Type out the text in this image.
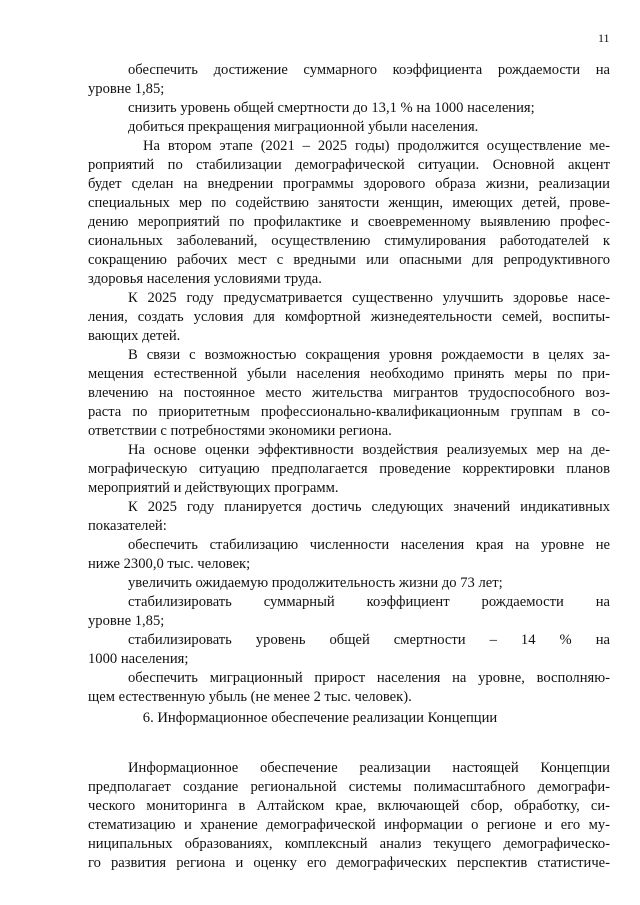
11
обеспечить достижение суммарного коэффициента рождаемости на
уровне 1,85;
снизить уровень общей смертности до 13,1 % на 1000 населения;
добиться прекращения миграционной убыли населения.
На втором этапе (2021 – 2025 годы) продолжится осуществление ме-
роприятий по стабилизации демографической ситуации. Основной акцент
будет сделан на внедрении программы здорового образа жизни, реализации
специальных мер по содействию занятости женщин, имеющих детей, прове-
дению мероприятий по профилактике и своевременному выявлению профес-
сиональных заболеваний, осуществлению стимулирования работодателей к
сокращению рабочих мест с вредными или опасными для репродуктивного
здоровья населения условиями труда.
К 2025 году предусматривается существенно улучшить здоровье насе-
ления, создать условия для комфортной жизнедеятельности семей, воспиты-
вающих детей.
В связи с возможностью сокращения уровня рождаемости в целях за-
мещения естественной убыли населения необходимо принять меры по при-
влечению на постоянное место жительства мигрантов трудоспособного воз-
раста по приоритетным профессионально-квалификационным группам в со-
ответствии с потребностями экономики региона.
На основе оценки эффективности воздействия реализуемых мер на де-
мографическую ситуацию предполагается проведение корректировки планов
мероприятий и действующих программ.
К 2025 году планируется достичь следующих значений индикативных
показателей:
обеспечить стабилизацию численности населения края на уровне не
ниже 2300,0 тыс. человек;
увеличить ожидаемую продолжительность жизни до 73 лет;
стабилизировать суммарный коэффициент рождаемости на
уровне 1,85;
стабилизировать уровень общей смертности – 14 % на
1000 населения;
обеспечить миграционный прирост населения на уровне, восполняю-
щем естественную убыль (не менее 2 тыс. человек).
Информационное обеспечение реализации настоящей Концепции
предполагает создание региональной системы полимасштабного демографи-
ческого мониторинга в Алтайском крае, включающей сбор, обработку, си-
стематизацию и хранение демографической информации о регионе и его му-
ниципальных образованиях, комплексный анализ текущего демографическо-
го развития региона и оценку его демографических перспектив статистиче-
6. Информационное обеспечение реализации Концепции
